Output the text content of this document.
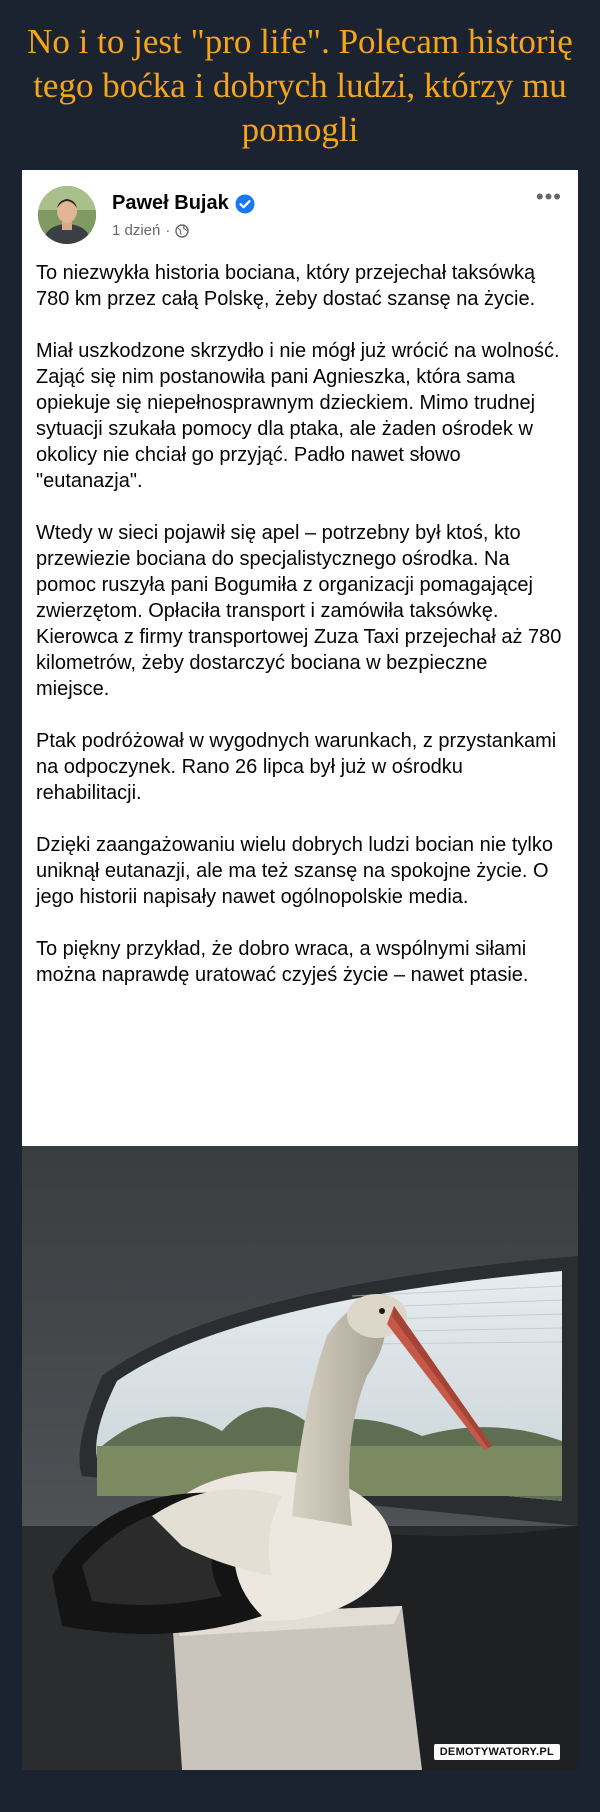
No i to jest "pro life". Polecam historię tego boćka i dobrych ludzi, którzy mu pomogli
Paweł Bujak
1 dzień ·
•••

To niezwykła historia bociana, który przejechał taksówką 780 km przez całą Polskę, żeby dostać szansę na życie.

Miał uszkodzone skrzydło i nie mógł już wrócić na wolność. Zająć się nim postanowiła pani Agnieszka, która sama opiekuje się niepełnosprawnym dzieckiem. Mimo trudnej sytuacji szukała pomocy dla ptaka, ale żaden ośrodek w okolicy nie chciał go przyjąć. Padło nawet słowo "eutanazja".

Wtedy w sieci pojawił się apel – potrzebny był ktoś, kto przewiezie bociana do specjalistycznego ośrodka. Na pomoc ruszyła pani Bogumiła z organizacji pomagającej zwierzętom. Opłaciła transport i zamówiła taksówkę. Kierowca z firmy transportowej Zuza Taxi przejechał aż 780 kilometrów, żeby dostarczyć bociana w bezpieczne miejsce.

Ptak podróżował w wygodnych warunkach, z przystankami na odpoczynek. Rano 26 lipca był już w ośrodku rehabilitacji.

Dzięki zaangażowaniu wielu dobrych ludzi bocian nie tylko uniknął eutanazji, ale ma też szansę na spokojne życie. O jego historii napisały nawet ogólnopolskie media.

To piękny przykład, że dobro wraca, a wspólnymi siłami można naprawdę uratować czyjeś życie – nawet ptasie.

DEMOTYWATORY.PL
